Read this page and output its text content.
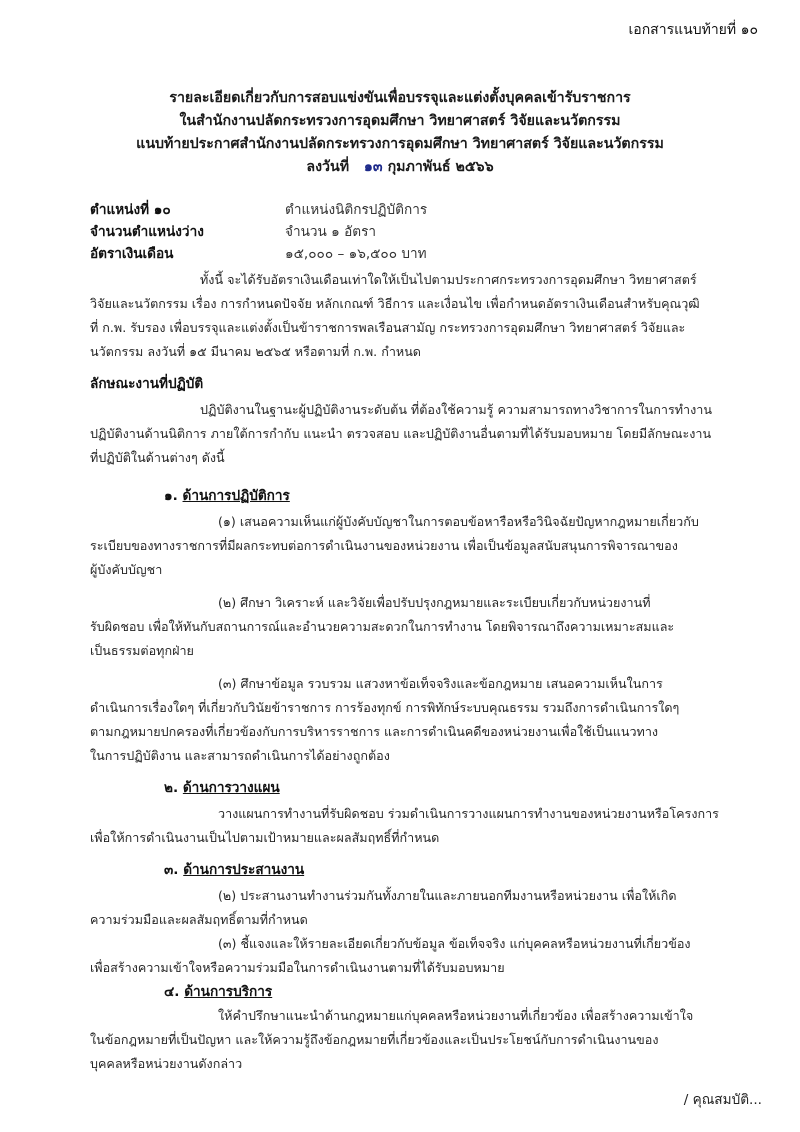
เอกสารแนบท้ายที่ ๑๐
รายละเอียดเกี่ยวกับการสอบแข่งขันเพื่อบรรจุและแต่งตั้งบุคคลเข้ารับราชการ
ในสำนักงานปลัดกระทรวงการอุดมศึกษา วิทยาศาสตร์ วิจัยและนวัตกรรม
แนบท้ายประกาศสำนักงานปลัดกระทรวงการอุดมศึกษา วิทยาศาสตร์ วิจัยและนวัตกรรม
ลงวันที่ ๑๓ กุมภาพันธ์ ๒๕๖๖
ตำแหน่งที่ ๑๐	ตำแหน่งนิติกรปฏิบัติการ
จำนวนตำแหน่งว่าง	จำนวน ๑ อัตรา
อัตราเงินเดือน	๑๕,๐๐๐ – ๑๖,๕๐๐ บาท
ทั้งนี้ จะได้รับอัตราเงินเดือนเท่าใดให้เป็นไปตามประกาศกระทรวงการอุดมศึกษา วิทยาศาสตร์
วิจัยและนวัตกรรม เรื่อง การกำหนดปัจจัย หลักเกณฑ์ วิธีการ และเงื่อนไข เพื่อกำหนดอัตราเงินเดือนสำหรับคุณวุฒิ
ที่ ก.พ. รับรอง เพื่อบรรจุและแต่งตั้งเป็นข้าราชการพลเรือนสามัญ กระทรวงการอุดมศึกษา วิทยาศาสตร์ วิจัยและ
นวัตกรรม ลงวันที่ ๑๕ มีนาคม ๒๕๖๕ หรือตามที่ ก.พ. กำหนด
ลักษณะงานที่ปฏิบัติ
ปฏิบัติงานในฐานะผู้ปฏิบัติงานระดับต้น ที่ต้องใช้ความรู้ ความสามารถทางวิชาการในการทำงาน
ปฏิบัติงานด้านนิติการ ภายใต้การกำกับ แนะนำ ตรวจสอบ และปฏิบัติงานอื่นตามที่ได้รับมอบหมาย โดยมีลักษณะงาน
ที่ปฏิบัติในด้านต่างๆ ดังนี้
๑. ด้านการปฏิบัติการ
(๑) เสนอความเห็นแก่ผู้บังคับบัญชาในการตอบข้อหารือหรือวินิจฉัยปัญหากฎหมายเกี่ยวกับ
ระเบียบของทางราชการที่มีผลกระทบต่อการดำเนินงานของหน่วยงาน เพื่อเป็นข้อมูลสนับสนุนการพิจารณาของ
ผู้บังคับบัญชา
(๒) ศึกษา วิเคราะห์ และวิจัยเพื่อปรับปรุงกฎหมายและระเบียบเกี่ยวกับหน่วยงานที่
รับผิดชอบ เพื่อให้ทันกับสถานการณ์และอำนวยความสะดวกในการทำงาน โดยพิจารณาถึงความเหมาะสมและ
เป็นธรรมต่อทุกฝ่าย
(๓) ศึกษาข้อมูล รวบรวม แสวงหาข้อเท็จจริงและข้อกฎหมาย เสนอความเห็นในการ
ดำเนินการเรื่องใดๆ ที่เกี่ยวกับวินัยข้าราชการ การร้องทุกข์ การพิทักษ์ระบบคุณธรรม รวมถึงการดำเนินการใดๆ
ตามกฎหมายปกครองที่เกี่ยวข้องกับการบริหารราชการ และการดำเนินคดีของหน่วยงานเพื่อใช้เป็นแนวทาง
ในการปฏิบัติงาน และสามารถดำเนินการได้อย่างถูกต้อง
๒. ด้านการวางแผน
วางแผนการทำงานที่รับผิดชอบ ร่วมดำเนินการวางแผนการทำงานของหน่วยงานหรือโครงการ
เพื่อให้การดำเนินงานเป็นไปตามเป้าหมายและผลสัมฤทธิ์ที่กำหนด
๓. ด้านการประสานงาน
(๒) ประสานงานทำงานร่วมกันทั้งภายในและภายนอกทีมงานหรือหน่วยงาน เพื่อให้เกิด
ความร่วมมือและผลสัมฤทธิ์ตามที่กำหนด
(๓) ชี้แจงและให้รายละเอียดเกี่ยวกับข้อมูล ข้อเท็จจริง แก่บุคคลหรือหน่วยงานที่เกี่ยวข้อง
เพื่อสร้างความเข้าใจหรือความร่วมมือในการดำเนินงานตามที่ได้รับมอบหมาย
๔. ด้านการบริการ
ให้คำปรึกษาแนะนำด้านกฎหมายแก่บุคคลหรือหน่วยงานที่เกี่ยวข้อง เพื่อสร้างความเข้าใจ
ในข้อกฎหมายที่เป็นปัญหา และให้ความรู้ถึงข้อกฎหมายที่เกี่ยวข้องและเป็นประโยชน์กับการดำเนินงานของ
บุคคลหรือหน่วยงานดังกล่าว
/ คุณสมบัติ...
